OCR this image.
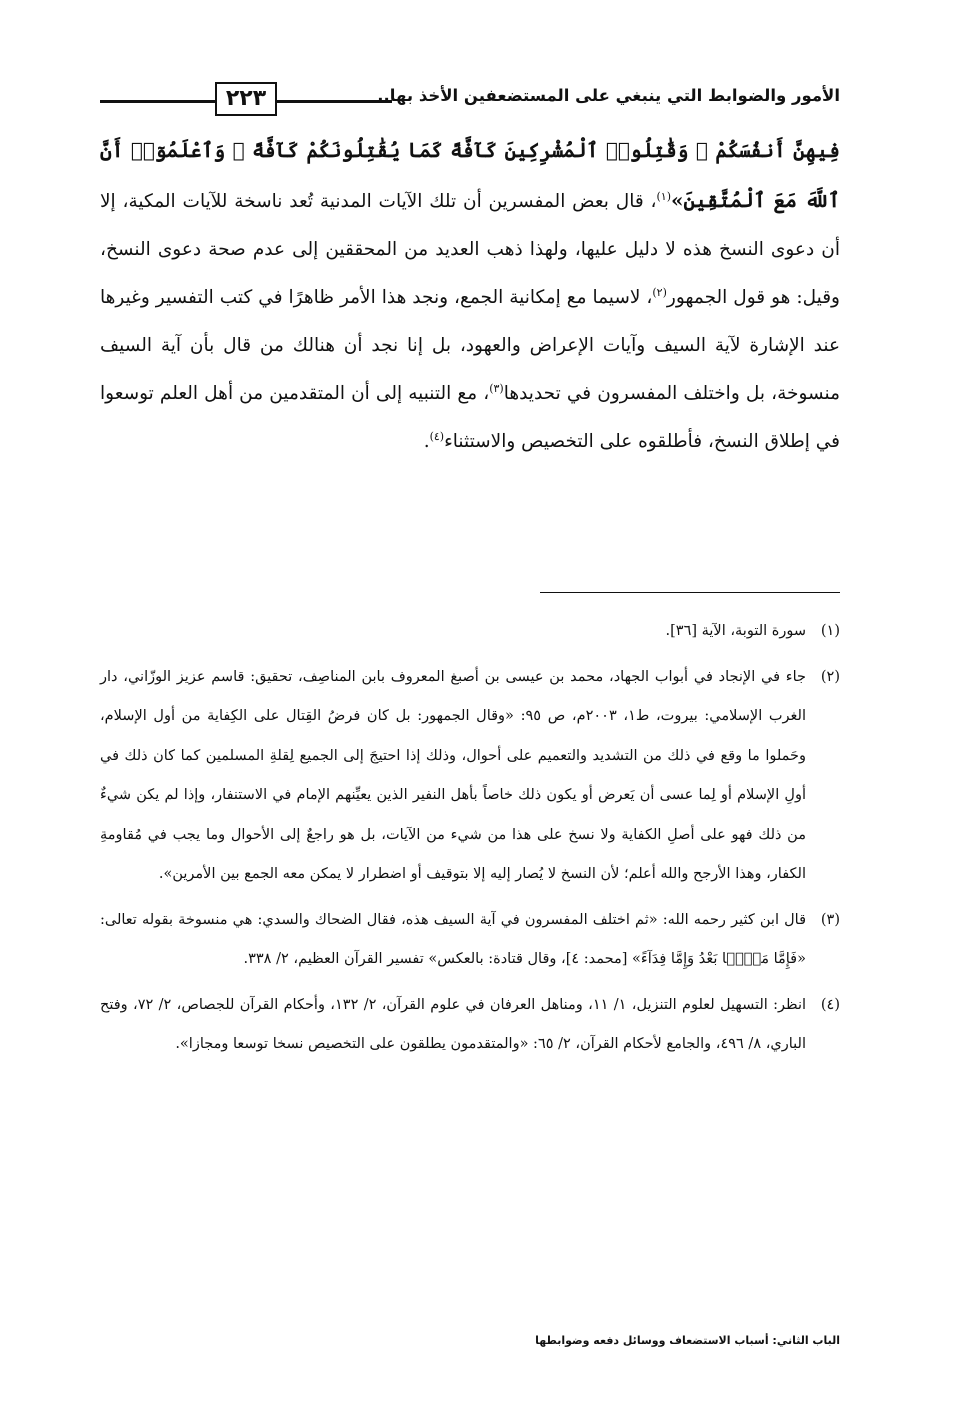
٢٢٣	الأمور والضوابط التي ينبغي على المستضعفين الأخذ بها..

فِيهِنَّ أَنفُسَكُمْ ۚ وَقَٰتِلُوا۟ ٱلْمُشْرِكِينَ كَآفَّةً كَمَا يُقَٰتِلُونَكُمْ كَآفَّةً ۚ وَٱعْلَمُوٓا۟ أَنَّ ٱللَّهَ مَعَ ٱلْمُتَّقِينَ»$^{(١)}$، قال بعض المفسرين أن تلك الآيات المدنية تُعد ناسخة للآيات المكية، إلا أن دعوى النسخ هذه لا دليل عليها، ولهذا ذهب العديد من المحققين إلى عدم صحة دعوى النسخ، وقيل: هو قول الجمهور$^{(٢)}$، لاسيما مع إمكانية الجمع، ونجد هذا الأمر ظاهرًا في كتب التفسير وغيرها عند الإشارة لآية السيف وآيات الإعراض والعهود، بل إنا نجد أن هنالك من قال بأن آية السيف منسوخة، بل واختلف المفسرون في تحديدها$^{(٣)}$، مع التنبيه إلى أن المتقدمين من أهل العلم توسعوا في إطلاق النسخ، فأطلقوه على التخصيص والاستثناء$^{(٤)}$.

(١)
سورة التوبة، الآية [٣٦].
(٢)
جاء في الإنجاد في أبواب الجهاد، محمد بن عيسى بن أصبغ المعروف بابن المناصِف، تحقيق: قاسم عزيز الوزّاني، دار الغرب الإسلامي: بيروت، ط١، ٢٠٠٣م، ص ٩٥: «وقال الجمهور: بل كان فرضُ القِتال على الكِفاية من أول الإسلام، وحَملوا ما وقع في ذلك من التشديد والتعميم على أحوال، وذلك إذا احتيجَ إلى الجميع لِقلةِ المسلمين كما كان ذلك في أولِ الإسلام أو لِما عسى أن يَعرض أو يكون ذلك خاصاً بأهل النفير الذين يعيِّنهم الإمام في الاستنفار، وإذا لم يكن شيءٌ من ذلك فهو على أصلِ الكفاية ولا نسخ على هذا من شيء من الآيات، بل هو راجعٌ إلى الأحوال وما يجب في مُقاومةِ الكفار، وهذا الأرجح والله أعلم؛ لأن النسخ لا يُصار إليه إلا بتوقيف أو اضطرار لا يمكن معه الجمع بين الأمرين».
(٣)
قال ابن كثير رحمه الله: «ثم اختلف المفسرون في آية السيف هذه، فقال الضحاك والسدي: هي منسوخة بقوله تعالى: «فَإِمَّا مَنًّۢا بَعْدُ وَإِمَّا فِدَآءً» [محمد: ٤]، وقال قتادة: بالعكس» تفسير القرآن العظيم، ٢/ ٣٣٨.
(٤)
انظر: التسهيل لعلوم التنزيل، ١/ ١١، ومناهل العرفان في علوم القرآن، ٢/ ١٣٢، وأحكام القرآن للجصاص، ٢/ ٧٢، وفتح الباري، ٨/ ٤٩٦، والجامع لأحكام القرآن، ٢/ ٦٥: «والمتقدمون يطلقون على التخصيص نسخا توسعا ومجازا».
الباب الثاني: أسباب الاستضعاف ووسائل دفعه وضوابطها
